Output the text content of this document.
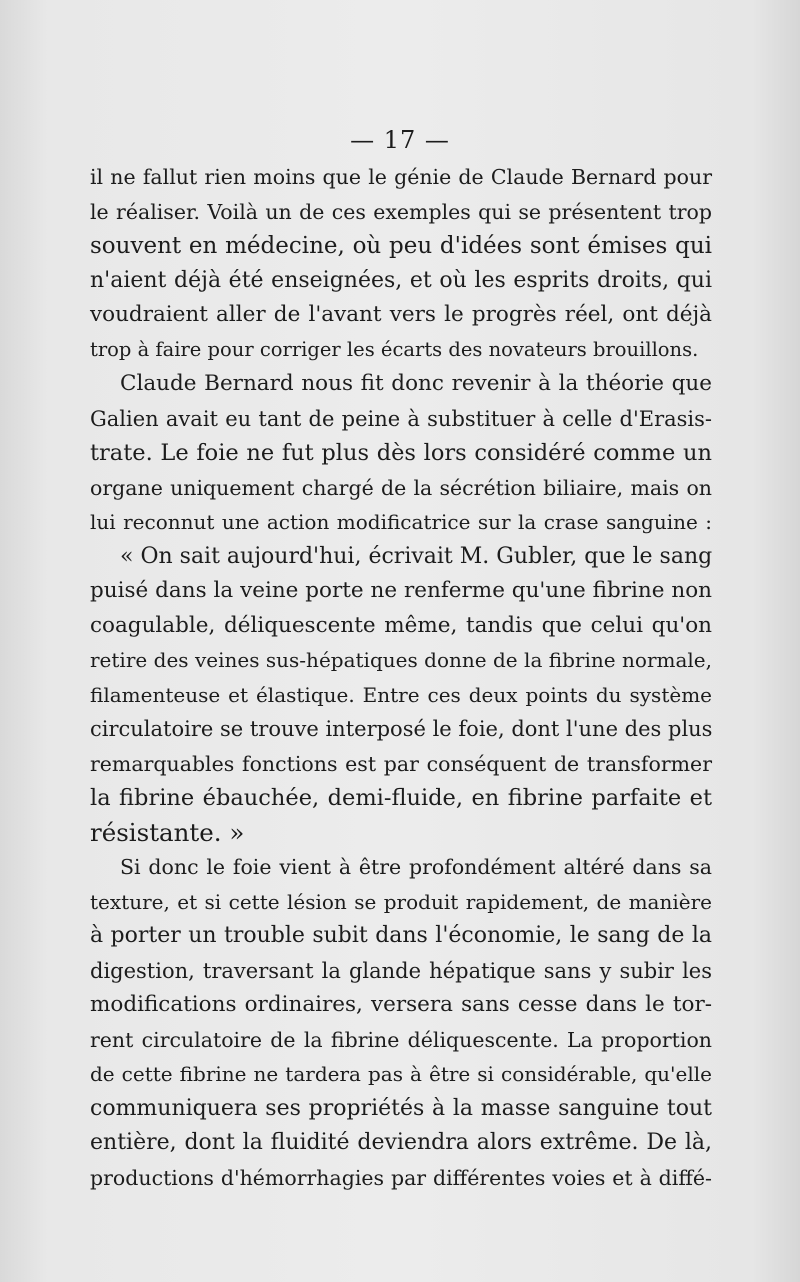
— 17 —
il ne fallut rien moins que le génie de Claude Bernard pour
le réaliser. Voilà un de ces exemples qui se présentent trop
souvent en médecine, où peu d'idées sont émises qui
n'aient déjà été enseignées, et où les esprits droits, qui
voudraient aller de l'avant vers le progrès réel, ont déjà
trop à faire pour corriger les écarts des novateurs brouillons.
Claude Bernard nous fit donc revenir à la théorie que
Galien avait eu tant de peine à substituer à celle d'Erasis-
trate. Le foie ne fut plus dès lors considéré comme un
organe uniquement chargé de la sécrétion biliaire, mais on
lui reconnut une action modificatrice sur la crase sanguine :
« On sait aujourd'hui, écrivait M. Gubler, que le sang
puisé dans la veine porte ne renferme qu'une fibrine non
coagulable, déliquescente même, tandis que celui qu'on
retire des veines sus-hépatiques donne de la fibrine normale,
filamenteuse et élastique. Entre ces deux points du système
circulatoire se trouve interposé le foie, dont l'une des plus
remarquables fonctions est par conséquent de transformer
la fibrine ébauchée, demi-fluide, en fibrine parfaite et
résistante. »
Si donc le foie vient à être profondément altéré dans sa
texture, et si cette lésion se produit rapidement, de manière
à porter un trouble subit dans l'économie, le sang de la
digestion, traversant la glande hépatique sans y subir les
modifications ordinaires, versera sans cesse dans le tor-
rent circulatoire de la fibrine déliquescente. La proportion
de cette fibrine ne tardera pas à être si considérable, qu'elle
communiquera ses propriétés à la masse sanguine tout
entière, dont la fluidité deviendra alors extrême. De là,
productions d'hémorrhagies par différentes voies et à diffé-
